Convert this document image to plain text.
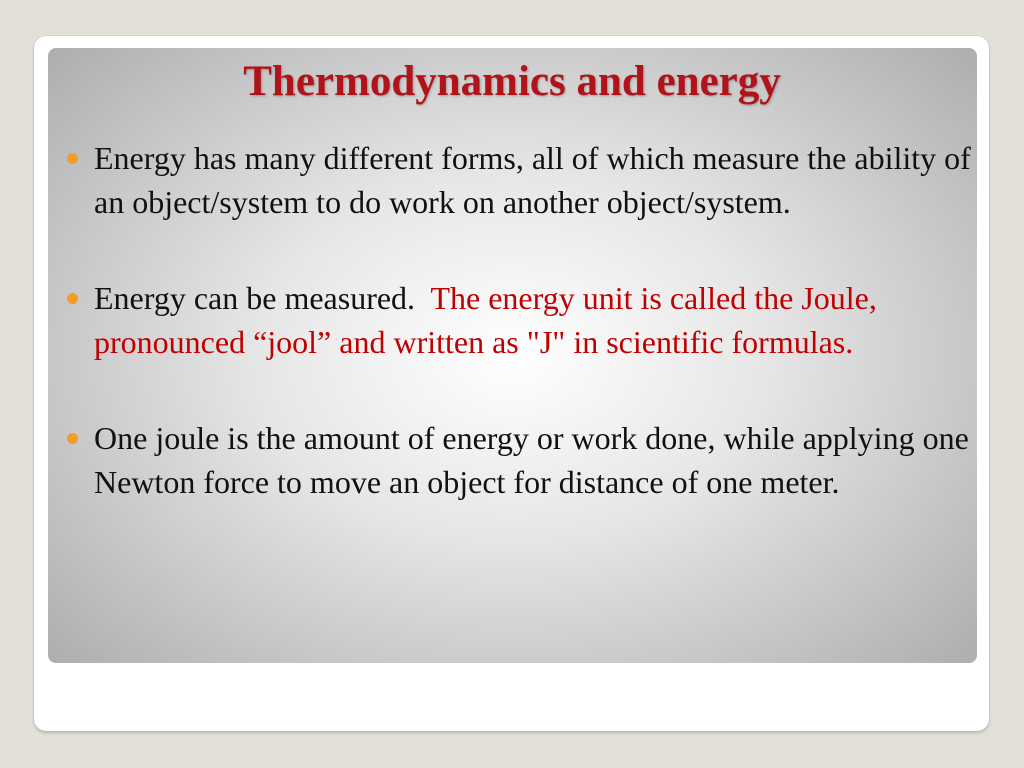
Thermodynamics and energy
Energy has many different forms, all of which measure the ability of an object/system to do work on another object/system.
Energy can be measured.  The energy unit is called the Joule, pronounced “jool” and written as "J" in scientific formulas.
One joule is the amount of energy or work done, while applying one Newton force to move an object for distance of one meter.
